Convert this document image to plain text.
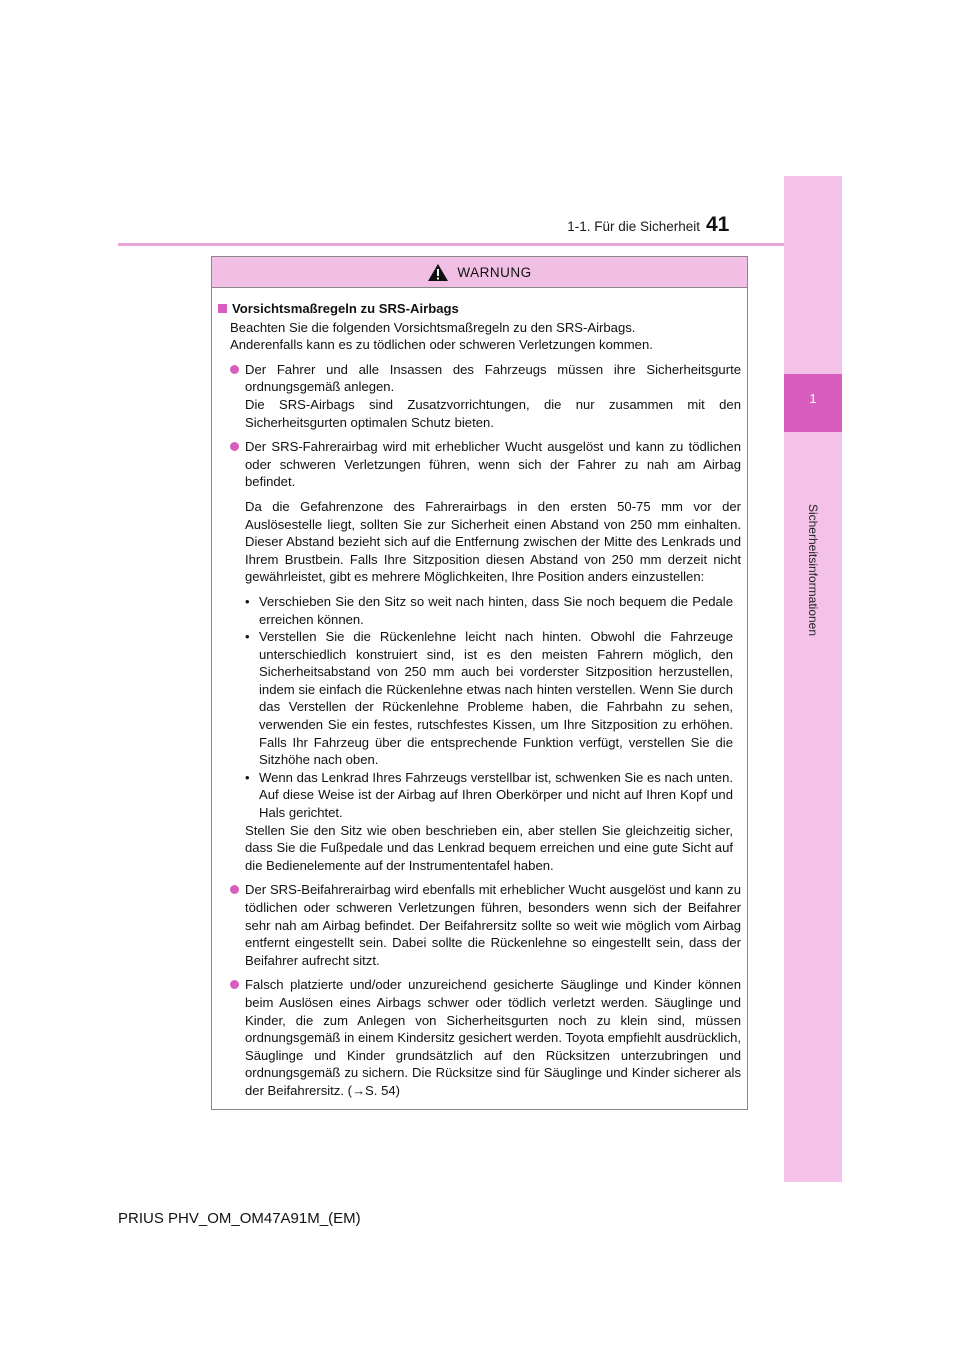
1
Sicherheitsinformationen
1-1. Für die Sicherheit 41
WARNUNG
Vorsichtsmaßregeln zu SRS-Airbags

Beachten Sie die folgenden Vorsichtsmaßregeln zu den SRS-Airbags.

Anderenfalls kann es zu tödlichen oder schweren Verletzungen kommen.

Der Fahrer und alle Insassen des Fahrzeugs müssen ihre Sicherheitsgurte ordnungsgemäß anlegen.

Die SRS-Airbags sind Zusatzvorrichtungen, die nur zusammen mit den Sicherheitsgurten optimalen Schutz bieten.

Der SRS-Fahrerairbag wird mit erheblicher Wucht ausgelöst und kann zu tödlichen oder schweren Verletzungen führen, wenn sich der Fahrer zu nah am Airbag befindet.

Da die Gefahrenzone des Fahrerairbags in den ersten 50-75 mm vor der Auslösestelle liegt, sollten Sie zur Sicherheit einen Abstand von 250 mm einhalten. Dieser Abstand bezieht sich auf die Entfernung zwischen der Mitte des Lenkrads und Ihrem Brustbein. Falls Ihre Sitzposition diesen Abstand von 250 mm derzeit nicht gewährleistet, gibt es mehrere Möglichkeiten, Ihre Position anders einzustellen:

• Verschieben Sie den Sitz so weit nach hinten, dass Sie noch bequem die Pedale erreichen können.
• Verstellen Sie die Rückenlehne leicht nach hinten. Obwohl die Fahrzeuge unterschiedlich konstruiert sind, ist es den meisten Fahrern möglich, den Sicherheitsabstand von 250 mm auch bei vorderster Sitzposition herzustellen, indem sie einfach die Rückenlehne etwas nach hinten verstellen. Wenn Sie durch das Verstellen der Rückenlehne Probleme haben, die Fahrbahn zu sehen, verwenden Sie ein festes, rutschfestes Kissen, um Ihre Sitzposition zu erhöhen. Falls Ihr Fahrzeug über die entsprechende Funktion verfügt, verstellen Sie die Sitzhöhe nach oben.
• Wenn das Lenkrad Ihres Fahrzeugs verstellbar ist, schwenken Sie es nach unten. Auf diese Weise ist der Airbag auf Ihren Oberkörper und nicht auf Ihren Kopf und Hals gerichtet.

Stellen Sie den Sitz wie oben beschrieben ein, aber stellen Sie gleichzeitig sicher, dass Sie die Fußpedale und das Lenkrad bequem erreichen und eine gute Sicht auf die Bedienelemente auf der Instrumententafel haben.

Der SRS-Beifahrerairbag wird ebenfalls mit erheblicher Wucht ausgelöst und kann zu tödlichen oder schweren Verletzungen führen, besonders wenn sich der Beifahrer sehr nah am Airbag befindet. Der Beifahrersitz sollte so weit wie möglich vom Airbag entfernt eingestellt sein. Dabei sollte die Rückenlehne so eingestellt sein, dass der Beifahrer aufrecht sitzt.

Falsch platzierte und/oder unzureichend gesicherte Säuglinge und Kinder können beim Auslösen eines Airbags schwer oder tödlich verletzt werden. Säuglinge und Kinder, die zum Anlegen von Sicherheitsgurten noch zu klein sind, müssen ordnungsgemäß in einem Kindersitz gesichert werden. Toyota empfiehlt ausdrücklich, Säuglinge und Kinder grundsätzlich auf den Rücksitzen unterzubringen und ordnungsgemäß zu sichern. Die Rücksitze sind für Säuglinge und Kinder sicherer als der Beifahrersitz. (→S. 54)

PRIUS PHV_OM_OM47A91M_(EM)
